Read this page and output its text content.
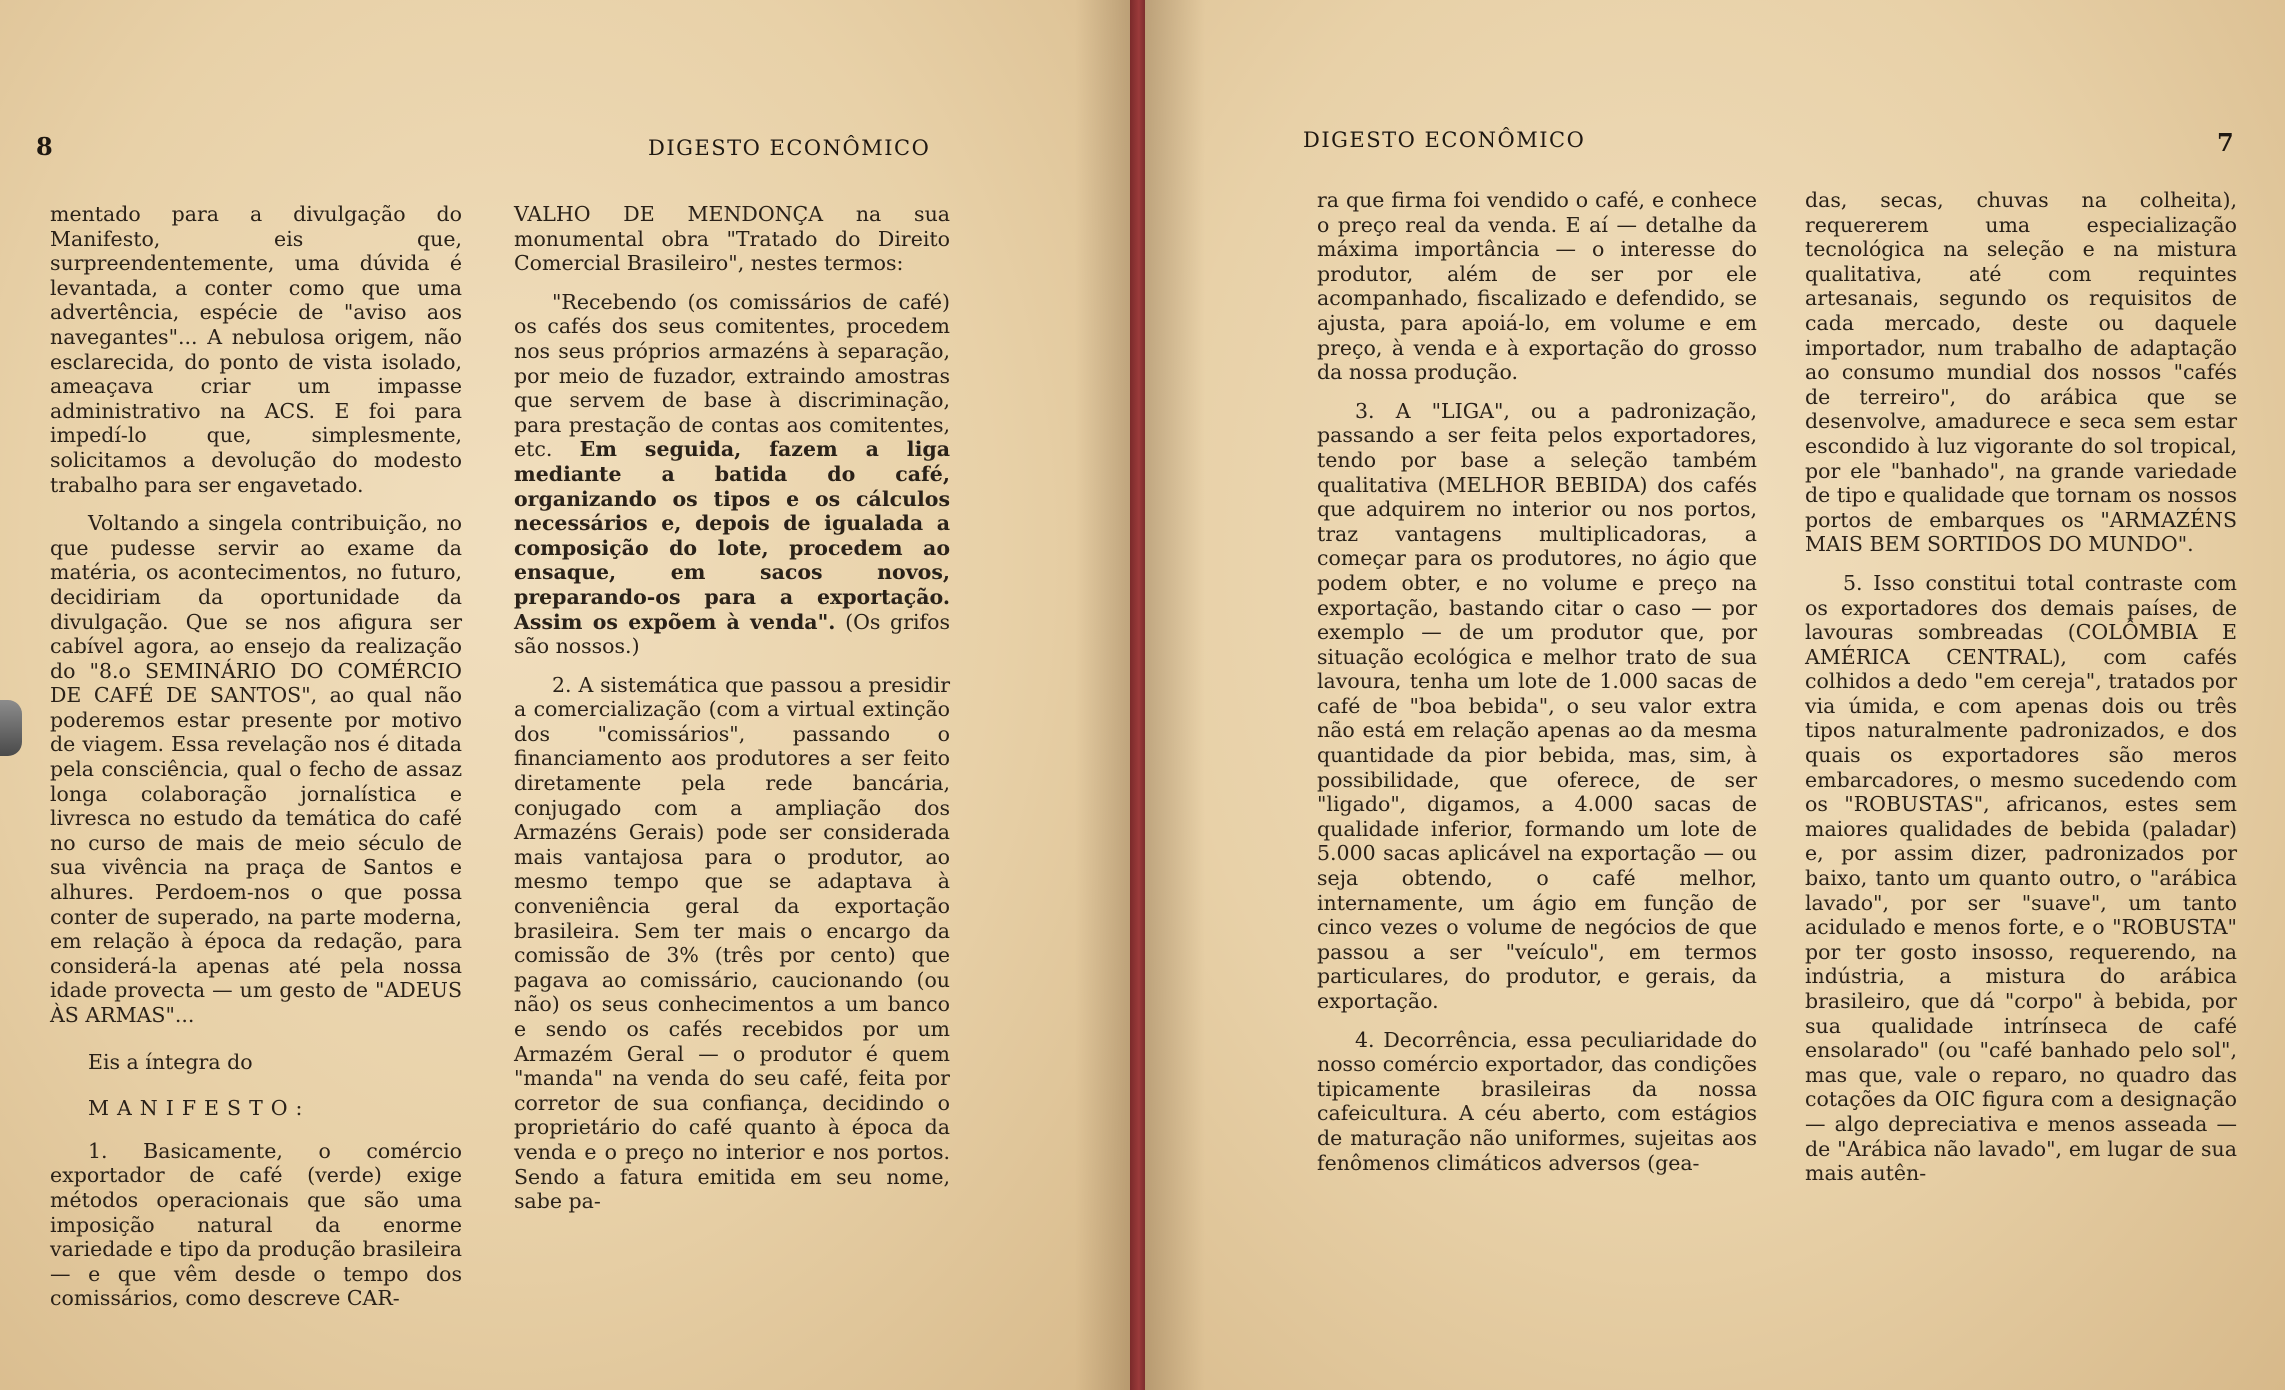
8	DIGESTO ECONÔMICO

mentado para a divulgação do Manifesto, eis que, surpreendentemente, uma dúvida é levantada, a conter como que uma advertência, espécie de "aviso aos navegantes"... A nebulosa origem, não esclarecida, do ponto de vista isolado, ameaçava criar um impasse administrativo na ACS. E foi para impedí-lo que, simplesmente, solicitamos a devolução do modesto trabalho para ser engavetado.

Voltando a singela contribuição, no que pudesse servir ao exame da matéria, os acontecimentos, no futuro, decidiriam da oportunidade da divulgação. Que se nos afigura ser cabível agora, ao ensejo da realização do "8.o SEMINÁRIO DO COMÉRCIO DE CAFÉ DE SANTOS", ao qual não poderemos estar presente por motivo de viagem. Essa revelação nos é ditada pela consciência, qual o fecho de assaz longa colaboração jornalística e livresca no estudo da temática do café no curso de mais de meio século de sua vivência na praça de Santos e alhures. Perdoem-nos o que possa conter de superado, na parte moderna, em relação à época da redação, para considerá-la apenas até pela nossa idade provecta — um gesto de "ADEUS ÀS ARMAS"...

Eis a íntegra do

MANIFESTO:

1. Basicamente, o comércio exportador de café (verde) exige métodos operacionais que são uma imposição natural da enorme variedade e tipo da produção brasileira — e que vêm desde o tempo dos comissários, como descreve CAR-

VALHO DE MENDONÇA na sua monumental obra "Tratado do Direito Comercial Brasileiro", nestes termos:

"Recebendo (os comissários de café) os cafés dos seus comitentes, procedem nos seus próprios armazéns à separação, por meio de fuzador, extraindo amostras que servem de base à discriminação, para prestação de contas aos comitentes, etc. Em seguida, fazem a liga mediante a batida do café, organizando os tipos e os cálculos necessários e, depois de igualada a composição do lote, procedem ao ensaque, em sacos novos, preparando-os para a exportação. Assim os expõem à venda". (Os grifos são nossos.)

2. A sistemática que passou a presidir a comercialização (com a virtual extinção dos "comissários", passando o financiamento aos produtores a ser feito diretamente pela rede bancária, conjugado com a ampliação dos Armazéns Gerais) pode ser considerada mais vantajosa para o produtor, ao mesmo tempo que se adaptava à conveniência geral da exportação brasileira. Sem ter mais o encargo da comissão de 3% (três por cento) que pagava ao comissário, caucionando (ou não) os seus conhecimentos a um banco e sendo os cafés recebidos por um Armazém Geral — o produtor é quem "manda" na venda do seu café, feita por corretor de sua confiança, decidindo o proprietário do café quanto à época da venda e o preço no interior e nos portos. Sendo a fatura emitida em seu nome, sabe pa-

DIGESTO ECONÔMICO	7

ra que firma foi vendido o café, e conhece o preço real da venda. E aí — detalhe da máxima importância — o interesse do produtor, além de ser por ele acompanhado, fiscalizado e defendido, se ajusta, para apoiá-lo, em volume e em preço, à venda e à exportação do grosso da nossa produção.

3. A "LIGA", ou a padronização, passando a ser feita pelos exportadores, tendo por base a seleção também qualitativa (MELHOR BEBIDA) dos cafés que adquirem no interior ou nos portos, traz vantagens multiplicadoras, a começar para os produtores, no ágio que podem obter, e no volume e preço na exportação, bastando citar o caso — por exemplo — de um produtor que, por situação ecológica e melhor trato de sua lavoura, tenha um lote de 1.000 sacas de café de "boa bebida", o seu valor extra não está em relação apenas ao da mesma quantidade da pior bebida, mas, sim, à possibilidade, que oferece, de ser "ligado", digamos, a 4.000 sacas de qualidade inferior, formando um lote de 5.000 sacas aplicável na exportação — ou seja obtendo, o café melhor, internamente, um ágio em função de cinco vezes o volume de negócios de que passou a ser "veículo", em termos particulares, do produtor, e gerais, da exportação.

4. Decorrência, essa peculiaridade do nosso comércio exportador, das condições tipicamente brasileiras da nossa cafeicultura. A céu aberto, com estágios de maturação não uniformes, sujeitas aos fenômenos climáticos adversos (gea-

das, secas, chuvas na colheita), requererem uma especialização tecnológica na seleção e na mistura qualitativa, até com requintes artesanais, segundo os requisitos de cada mercado, deste ou daquele importador, num trabalho de adaptação ao consumo mundial dos nossos "cafés de terreiro", do arábica que se desenvolve, amadurece e seca sem estar escondido à luz vigorante do sol tropical, por ele "banhado", na grande variedade de tipo e qualidade que tornam os nossos portos de embarques os "ARMAZÉNS MAIS BEM SORTIDOS DO MUNDO".

5. Isso constitui total contraste com os exportadores dos demais países, de lavouras sombreadas (COLÔMBIA E AMÉRICA CENTRAL), com cafés colhidos a dedo "em cereja", tratados por via úmida, e com apenas dois ou três tipos naturalmente padronizados, e dos quais os exportadores são meros embarcadores, o mesmo sucedendo com os "ROBUSTAS", africanos, estes sem maiores qualidades de bebida (paladar) e, por assim dizer, padronizados por baixo, tanto um quanto outro, o "arábica lavado", por ser "suave", um tanto acidulado e menos forte, e o "ROBUSTA" por ter gosto insosso, requerendo, na indústria, a mistura do arábica brasileiro, que dá "corpo" à bebida, por sua qualidade intrínseca de café ensolarado" (ou "café banhado pelo sol", mas que, vale o reparo, no quadro das cotações da OIC figura com a designação — algo depreciativa e menos asseada — de "Arábica não lavado", em lugar de sua mais autên-
